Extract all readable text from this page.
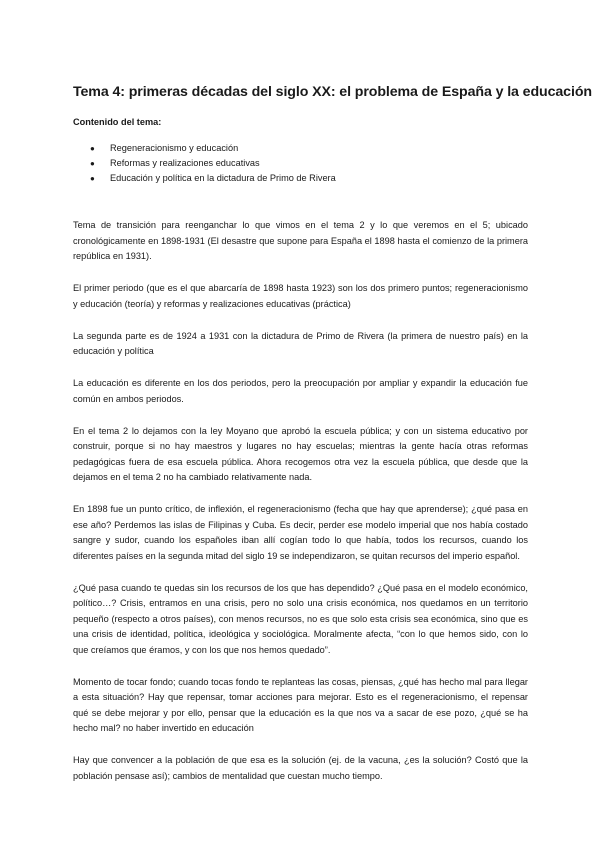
Tema 4: primeras décadas del siglo XX: el problema de España y la educación

Contenido del tema:

● Regeneracionismo y educación
● Reformas y realizaciones educativas
● Educación y política en la dictadura de Primo de Rivera

Tema de transición para reenganchar lo que vimos en el tema 2 y lo que veremos en el 5; ubicado cronológicamente en 1898-1931 (El desastre que supone para España el 1898 hasta el comienzo de la primera república en 1931).

El primer periodo (que es el que abarcaría de 1898 hasta 1923) son los dos primero puntos; regeneracionismo y educación (teoría) y reformas y realizaciones educativas (práctica)

La segunda parte es de 1924 a 1931 con la dictadura de Primo de Rivera (la primera de nuestro país) en la educación y política

La educación es diferente en los dos periodos, pero la preocupación por ampliar y expandir la educación fue común en ambos periodos.

En el tema 2 lo dejamos con la ley Moyano que aprobó la escuela pública; y con un sistema educativo por construir, porque si no hay maestros y lugares no hay escuelas; mientras la gente hacía otras reformas pedagógicas fuera de esa escuela pública. Ahora recogemos otra vez la escuela pública, que desde que la dejamos en el tema 2 no ha cambiado relativamente nada.

En 1898 fue un punto crítico, de inflexión, el regeneracionismo (fecha que hay que aprenderse); ¿qué pasa en ese año? Perdemos las islas de Filipinas y Cuba. Es decir, perder ese modelo imperial que nos había costado sangre y sudor, cuando los españoles iban allí cogían todo lo que había, todos los recursos, cuando los diferentes países en la segunda mitad del siglo 19 se independizaron, se quitan recursos del imperio español.

¿Qué pasa cuando te quedas sin los recursos de los que has dependido? ¿Qué pasa en el modelo económico, político…? Crisis, entramos en una crisis, pero no solo una crisis económica, nos quedamos en un territorio pequeño (respecto a otros países), con menos recursos, no es que solo esta crisis sea económica, sino que es una crisis de identidad, política, ideológica y sociológica. Moralmente afecta, “con lo que hemos sido, con lo que creíamos que éramos, y con los que nos hemos quedado”.

Momento de tocar fondo; cuando tocas fondo te replanteas las cosas, piensas, ¿qué has hecho mal para llegar a esta situación? Hay que repensar, tomar acciones para mejorar. Esto es el regeneracionismo, el repensar qué se debe mejorar y por ello, pensar que la educación es la que nos va a sacar de ese pozo, ¿qué se ha hecho mal? no haber invertido en educación

Hay que convencer a la población de que esa es la solución (ej. de la vacuna, ¿es la solución? Costó que la población pensase así); cambios de mentalidad que cuestan mucho tiempo.
